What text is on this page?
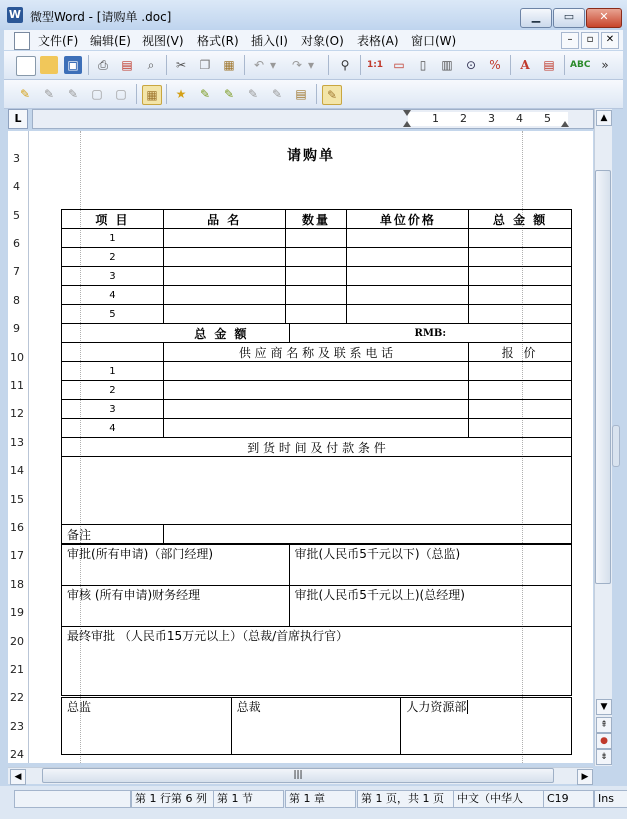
W 微型Word - [请购单 .doc]	▁	▭	✕
文件(F) 编辑(E) 视图(V) 格式(R) 插入(I) 对象(O) 表格(A) 窗口(W)	–	▫	✕
▣	⎙	▤	⌕	✂	❐	▦	↶ ▾	↷ ▾	⚲	1:1 ▭	▯	▥	⊙	%	A	▤	ABC »
✎	✎	✎	▢ ▢	▦	★	✎	✎	✎	✎	▤	✎
L	1 2 3 4 5
3
4
5
6
7
8
9
10
11
12
13
14
15
16
17
18
19
20
21
22
23
24
请购单
项 目	品 名	数量		单位价格	总 金 额
1					
2					
3					
4					
5					
总 金 额			RMB:		
	供 应 商 名 称 及 联 系 电 话				报 价
1					
2					
3					
4					
到 货 时 间 及 付 款 条 件					

备注					
审批(所有申请)（部门经理)	审批(人民币5千元以下)（总监)
审核 (所有申请)财务经理	审批(人民币5千元以上)(总经理)
最终审批 （人民币15万元以上）（总裁/首席执行官）	
总监	总裁	人力资源部
▲
▼
⇞
●
⇟
◀	▶
|||
第 1 行第 6 列 第 1 节	第 1 章	第 1 页，共 1 页	中文（中华人	C19	Ins
